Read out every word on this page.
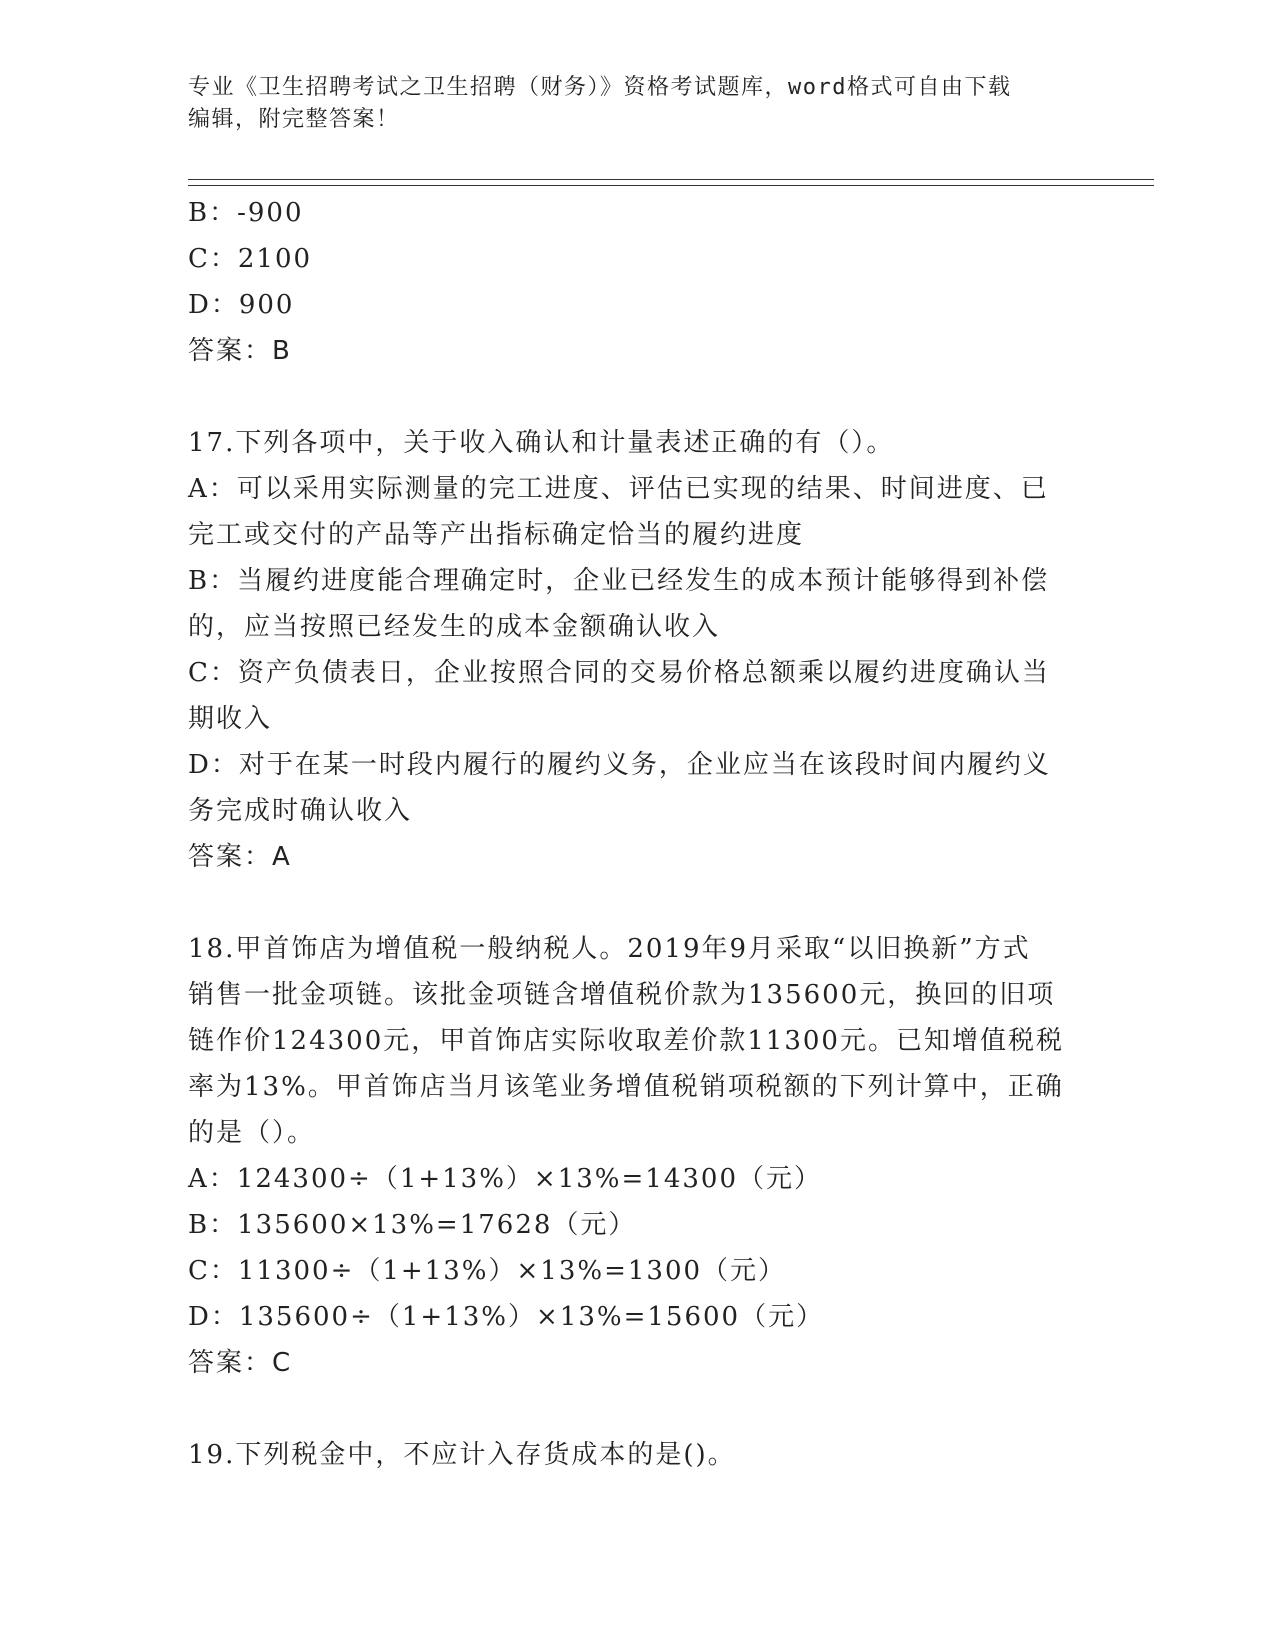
专业《卫生招聘考试之卫生招聘（财务）》资格考试题库，word格式可自由下载
编辑，附完整答案！
B：-900
C：2100
D：900
答案：B
17.下列各项中，关于收入确认和计量表述正确的有（）。
A：可以采用实际测量的完工进度、评估已实现的结果、时间进度、已
完工或交付的产品等产出指标确定恰当的履约进度
B：当履约进度能合理确定时，企业已经发生的成本预计能够得到补偿
的，应当按照已经发生的成本金额确认收入
C：资产负债表日，企业按照合同的交易价格总额乘以履约进度确认当
期收入
D：对于在某一时段内履行的履约义务，企业应当在该段时间内履约义
务完成时确认收入
答案：A
18.甲首饰店为增值税一般纳税人。2019年9月采取“以旧换新”方式
销售一批金项链。该批金项链含增值税价款为135600元，换回的旧项
链作价124300元，甲首饰店实际收取差价款11300元。已知增值税税
率为13%。甲首饰店当月该笔业务增值税销项税额的下列计算中，正确
的是（）。
A：124300÷（1+13%）×13%=14300（元）
B：135600×13%=17628（元）
C：11300÷（1+13%）×13%=1300（元）
D：135600÷（1+13%）×13%=15600（元）
答案：C
19.下列税金中，不应计入存货成本的是()。
